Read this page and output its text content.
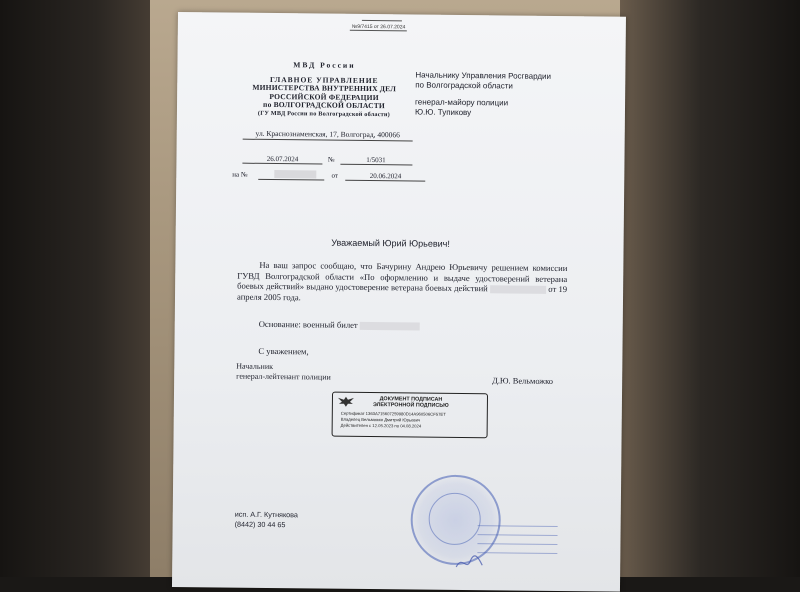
№9/7415 от 26.07.2024
МВД России
ГЛАВНОЕ УПРАВЛЕНИЕ
МИНИСТЕРСТВА ВНУТРЕННИХ ДЕЛ
РОССИЙСКОЙ ФЕДЕРАЦИИ
по ВОЛГОГРАДСКОЙ ОБЛАСТИ
(ГУ МВД России по Волгоградской области)
ул. Краснознаменская, 17, Волгоград, 400066
Начальнику Управления Росгвардии
по Волгоградской области
генерал-майору полиции
Ю.Ю. Тупикову
26.07.2024	№	1/5031
на №	от	20.06.2024
Уважаемый Юрий Юрьевич!

На ваш запрос сообщаю, что Бачурину Андрею Юрьевичу решением комиссии ГУВД Волгоградской области «По оформлению и выдаче удостоверений ветерана боевых действий» выдано удостоверение ветерана боевых действий	от 19 апреля 2005 года.

Основание: военный билет
С уважением,
Начальник
генерал-лейтенант полиции	Д.Ю. Вельможко
ДОКУМЕНТ ПОДПИСАН
ЭЛЕКТРОННОЙ ПОДПИСЬЮ
Сертификат 1363A715607259980D14A960506CF57ET
Владелец Вельможко Дмитрий Юрьевич
Действителен с 12.05.2023 по 04.08.2024
исп. А.Г. Кутнякова
(8442) 30 44 65
